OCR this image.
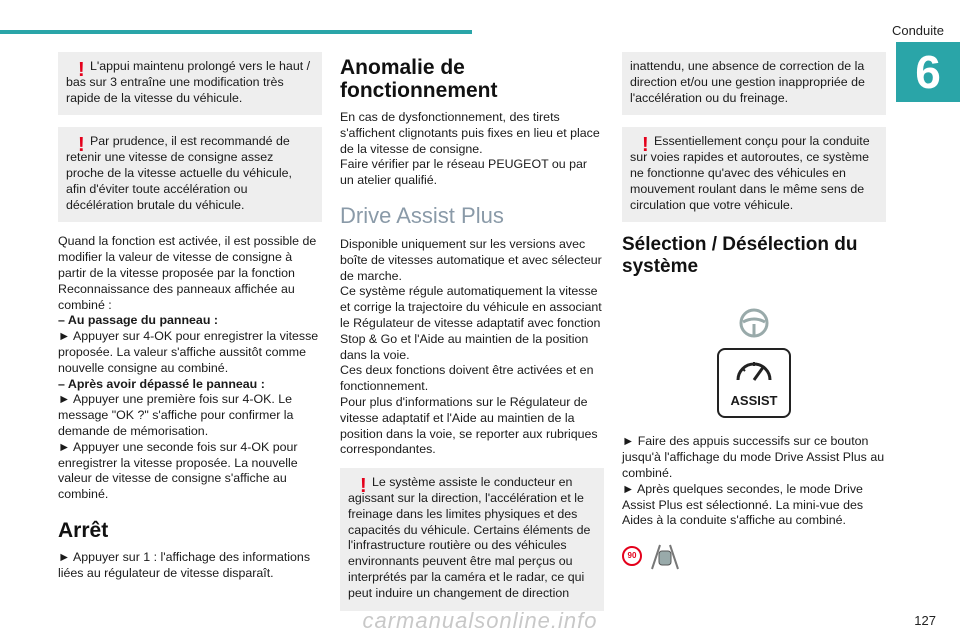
Conduite
6
! L'appui maintenu prolongé vers le haut / bas sur 3 entraîne une modification très rapide de la vitesse du véhicule.

! Par prudence, il est recommandé de retenir une vitesse de consigne assez proche de la vitesse actuelle du véhicule, afin d'éviter toute accélération ou décélération brutale du véhicule.

Quand la fonction est activée, il est possible de modifier la valeur de vitesse de consigne à partir de la vitesse proposée par la fonction Reconnaissance des panneaux affichée au combiné :

– Au passage du panneau :

► Appuyer sur 4-OK pour enregistrer la vitesse proposée. La valeur s'affiche aussitôt comme nouvelle consigne au combiné.

– Après avoir dépassé le panneau :

► Appuyer une première fois sur 4-OK. Le message "OK ?" s'affiche pour confirmer la demande de mémorisation.

► Appuyer une seconde fois sur 4-OK pour enregistrer la vitesse proposée. La nouvelle valeur de vitesse de consigne s'affiche au combiné.

Arrêt

► Appuyer sur 1 : l'affichage des informations liées au régulateur de vitesse disparaît.

Anomalie de fonctionnement

En cas de dysfonctionnement, des tirets s'affichent clignotants puis fixes en lieu et place de la vitesse de consigne.

Faire vérifier par le réseau PEUGEOT ou par un atelier qualifié.

Drive Assist Plus

Disponible uniquement sur les versions avec boîte de vitesses automatique et avec sélecteur de marche.

Ce système régule automatiquement la vitesse et corrige la trajectoire du véhicule en associant le Régulateur de vitesse adaptatif avec fonction Stop & Go et l'Aide au maintien de la position dans la voie.

Ces deux fonctions doivent être activées et en fonctionnement.

Pour plus d'informations sur le Régulateur de vitesse adaptatif et l'Aide au maintien de la position dans la voie, se reporter aux rubriques correspondantes.

! Le système assiste le conducteur en agissant sur la direction, l'accélération et le freinage dans les limites physiques et des capacités du véhicule. Certains éléments de l'infrastructure routière ou des véhicules environnants peuvent être mal perçus ou interprétés par la caméra et le radar, ce qui peut induire un changement de direction

inattendu, une absence de correction de la direction et/ou une gestion inappropriée de l'accélération ou du freinage.

! Essentiellement conçu pour la conduite sur voies rapides et autoroutes, ce système ne fonctionne qu'avec des véhicules en mouvement roulant dans le même sens de circulation que votre véhicule.

Sélection / Désélection du système
ASSIST

► Faire des appuis successifs sur ce bouton jusqu'à l'affichage du mode Drive Assist Plus au combiné.

► Après quelques secondes, le mode Drive Assist Plus est sélectionné. La mini-vue des Aides à la conduite s'affiche au combiné.

90
127
carmanualsonline.info
